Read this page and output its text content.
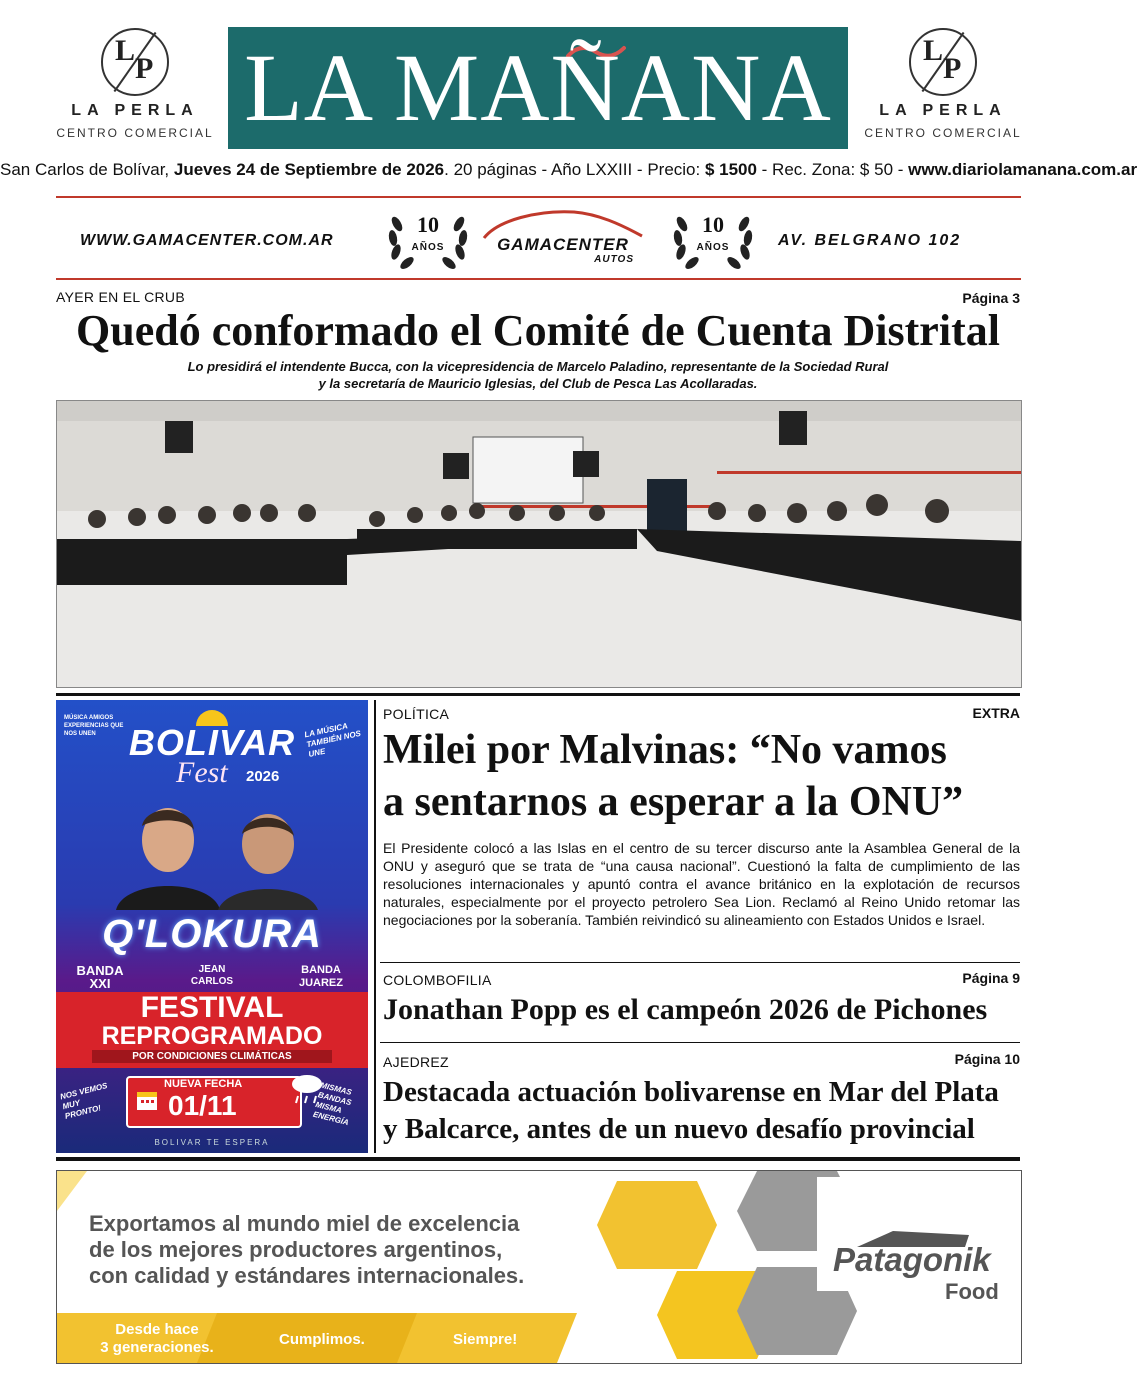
L
P
LA PERLA
CENTRO COMERCIAL LA MAÑANA	L
P
LA PERLA
CENTRO COMERCIAL
San Carlos de Bolívar, Jueves 24 de Septiembre de 2026. 20 páginas - Año LXXIII - Precio: $ 1500 - Rec. Zona: $ 50 - www.diariolamanana.com.ar
WWW.GAMACENTER.COM.AR
10
AÑOS	GAMACENTER
AUTOS
10
AÑOS	AV. BELGRANO 102
AYER EN EL CRUB	Página 3
Quedó conformado el Comité de Cuenta Distrital
Lo presidirá el intendente Bucca, con la vicepresidencia de Marcelo Paladino, representante de la Sociedad Rural
y la secretaría de Mauricio Iglesias, del Club de Pesca Las Acollaradas.
MÚSICA AMIGOS EXPERIENCIAS QUE NOS UNEN BOLIVAR
Fest 2026
LA MÚSICA TAMBIÉN NOS UNE
Q'LOKURA
BANDA XXI
JEAN CARLOS
BANDA JUAREZ
FESTIVAL
REPROGRAMADO
POR CONDICIONES CLIMÁTICAS
NUEVA FECHA
01/11
NOS VEMOS MUY PRONTO!
MISMAS BANDAS MISMA ENERGÍA
BOLIVAR TE ESPERA
POLÍTICA	EXTRA
Milei por Malvinas: “No vamos
a sentarnos a esperar a la ONU”
El Presidente colocó a las Islas en el centro de su tercer discurso ante la Asamblea General de la ONU y aseguró que se trata de “una causa nacional”. Cuestionó la falta de cumplimiento de las resoluciones internacionales y apuntó contra el avance británico en la explotación de recursos naturales, especialmente por el proyecto petrolero Sea Lion. Reclamó al Reino Unido retomar las negociaciones por la soberanía. También reivindicó su alineamiento con Estados Unidos e Israel.
COLOMBOFILIA	Página 9
Jonathan Popp es el campeón 2026 de Pichones
AJEDREZ	Página 10
Destacada actuación bolivarense en Mar del Plata
y Balcarce, antes de un nuevo desafío provincial
Exportamos al mundo miel de excelencia
de los mejores productores argentinos,
con calidad y estándares internacionales.	Patagonik
Food
Desde hace
3 generaciones.	Cumplimos.	Siempre!
